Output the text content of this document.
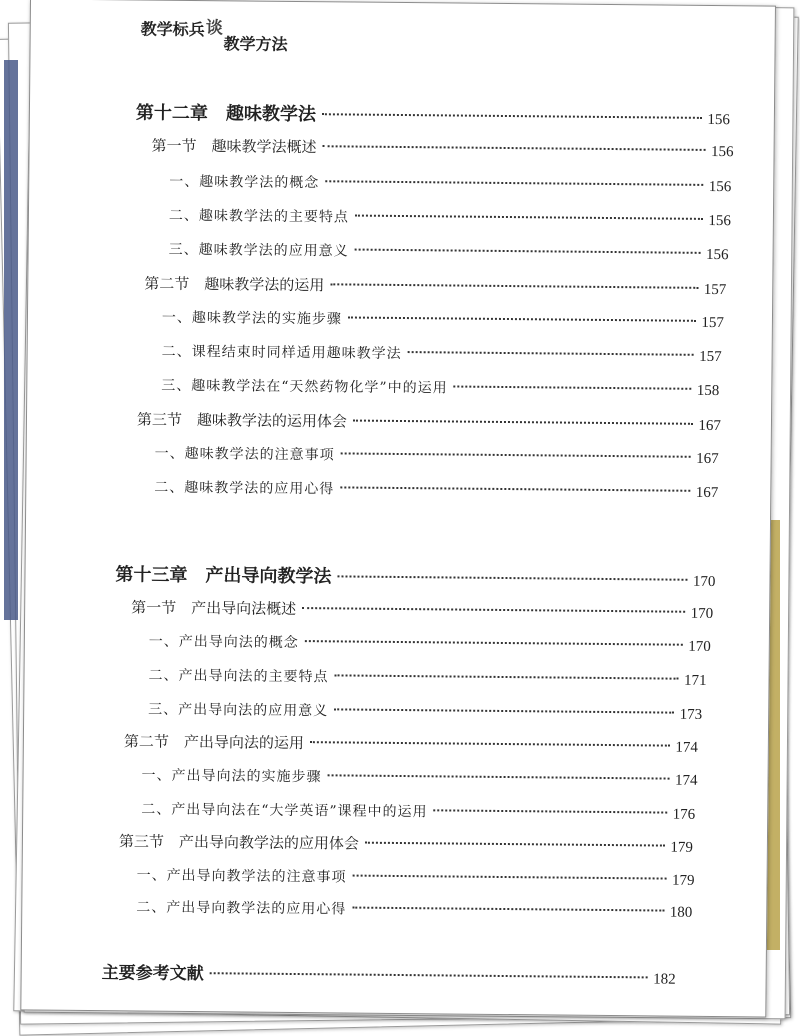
教学标兵谈教学方法
第十二章　趣味教学法	156
第一节　趣味教学法概述	156
一、趣味教学法的概念	156
二、趣味教学法的主要特点	156
三、趣味教学法的应用意义	156
第二节　趣味教学法的运用	157
一、趣味教学法的实施步骤	157
二、课程结束时同样适用趣味教学法	157
三、趣味教学法在“天然药物化学”中的运用	158
第三节　趣味教学法的运用体会	167
一、趣味教学法的注意事项	167
二、趣味教学法的应用心得	167
第十三章　产出导向教学法	170
第一节　产出导向法概述	170
一、产出导向法的概念	170
二、产出导向法的主要特点	171
三、产出导向法的应用意义	173
第二节　产出导向法的运用	174
一、产出导向法的实施步骤	174
二、产出导向法在“大学英语”课程中的运用	176
第三节　产出导向教学法的应用体会	179
一、产出导向教学法的注意事项	179
二、产出导向教学法的应用心得	180
主要参考文献	182
